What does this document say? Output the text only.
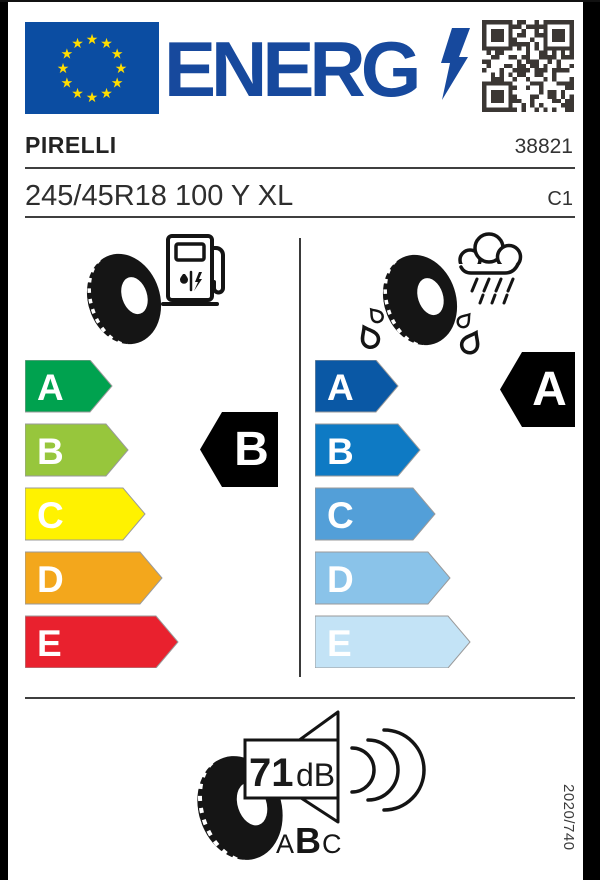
★ ★
★
★
★
★
★
★
★
★
★
★ ENERG
PIRELLI	38821
245/45R18 100 Y XL	C1
A
B
C
D
E
A
B
C
D
E
B
A
71 dB
ABC	2020/740
